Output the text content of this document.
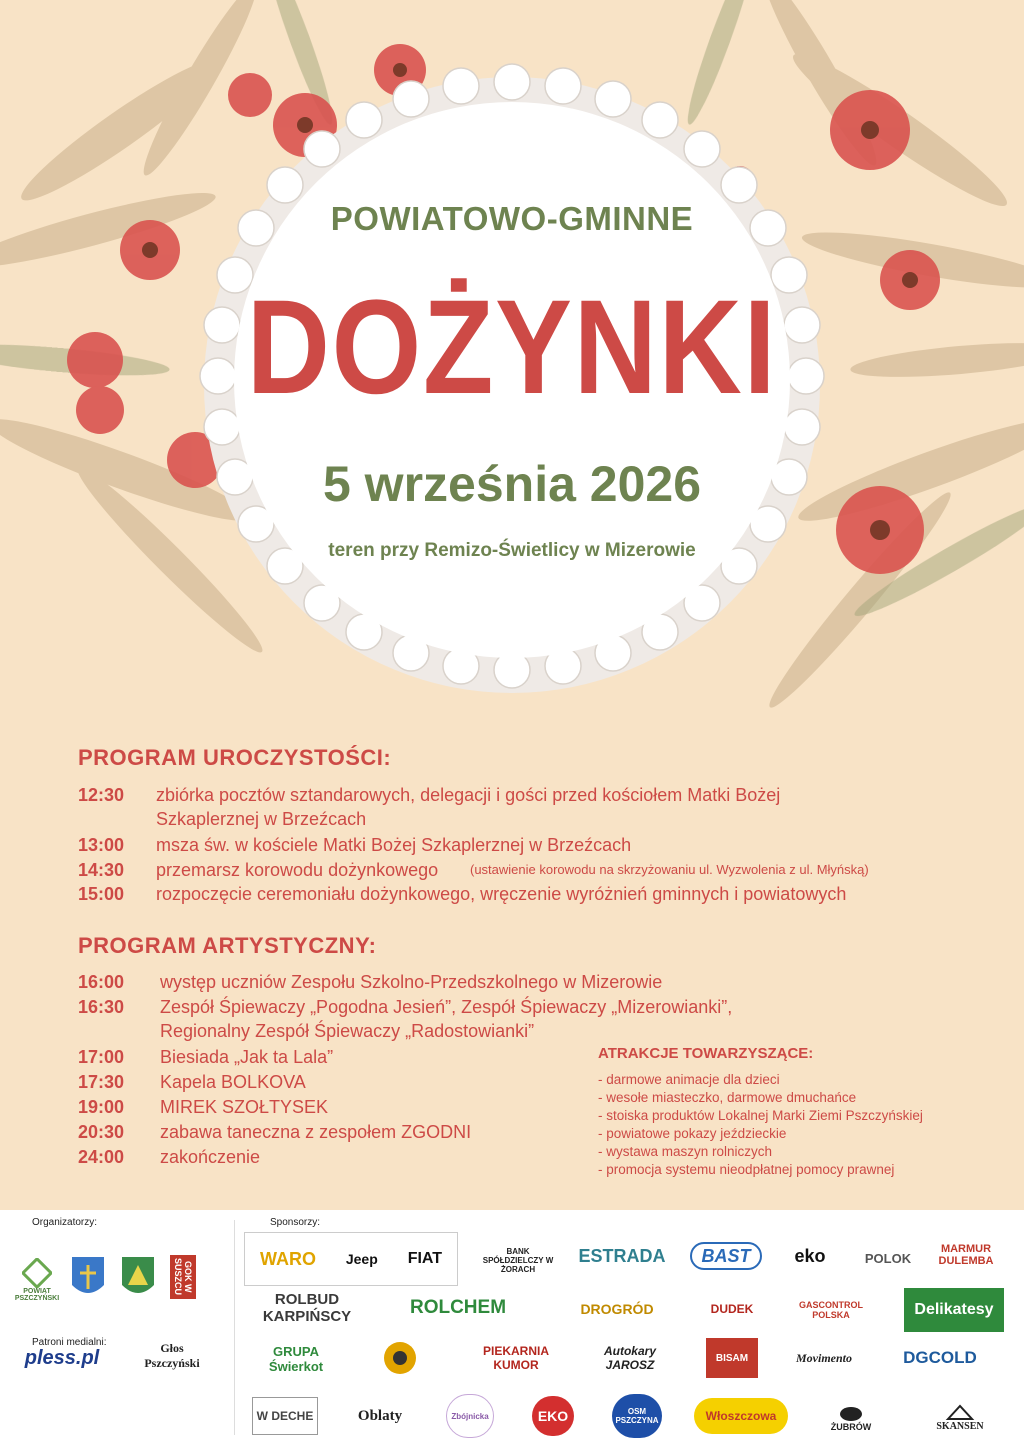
POWIATOWO-GMINNE
DOŻYNKI
5 września 2026
teren przy Remizo-Świetlicy w Mizerowie
PROGRAM UROCZYSTOŚCI:
12:30 zbiórka pocztów sztandarowych, delegacji i gości przed kościołem Matki Bożej
Szkaplerznej w Brzeźcach
13:00 msza św. w kościele Matki Bożej Szkaplerznej w Brzeźcach
14:30 przemarsz korowodu dożynkowego (ustawienie korowodu na skrzyżowaniu ul. Wyzwolenia z ul. Młyńską)
15:00 rozpoczęcie ceremoniału dożynkowego, wręczenie wyróżnień gminnych i powiatowych
PROGRAM ARTYSTYCZNY:
16:00 występ uczniów Zespołu Szkolno-Przedszkolnego w Mizerowie
16:30 Zespół Śpiewaczy „Pogodna Jesień”, Zespół Śpiewaczy „Mizerowianki”,
Regionalny Zespół Śpiewaczy „Radostowianki”
17:00 Biesiada „Jak ta Lala”
17:30 Kapela BOLKOVA
19:00 MIREK SZOŁTYSEK
20:30 zabawa taneczna z zespołem ZGODNI
24:00 zakończenie
ATRAKCJE TOWARZYSZĄCE:
- darmowe animacje dla dzieci
- wesołe miasteczko, darmowe dmuchańce
- stoiska produktów Lokalnej Marki Ziemi Pszczyńskiej
- powiatowe pokazy jeździeckie
- wystawa maszyn rolniczych
- promocja systemu nieodpłatnej pomocy prawnej
Organizatorzy:	Sponsorzy:
Patroni medialni:
POWIAT PSZCZYŃSKI
GOK W SUSZCU
pless.pl	Głos Pszczyński
WARO Jeep FIAT	BANK SPÓŁDZIELCZY W ŻORACH
ESTRADA BAST eko	POLOK
MARMUR DULEMBA
ROLBUD KARPIŃSCY	ROLCHEM	DROGRÓD	DUDEK	GASCONTROL POLSKA	Delikatesy
GRUPA Świerkot
PIEKARNIA KUMOR
Autokary JAROSZ	BISAM	Movimento	DGCOLD
W DECHE	Oblaty	Zbójnicka	EKO	OSM PSZCZYNA	Włoszczowa
ŻUBRÓW	SKANSEN
